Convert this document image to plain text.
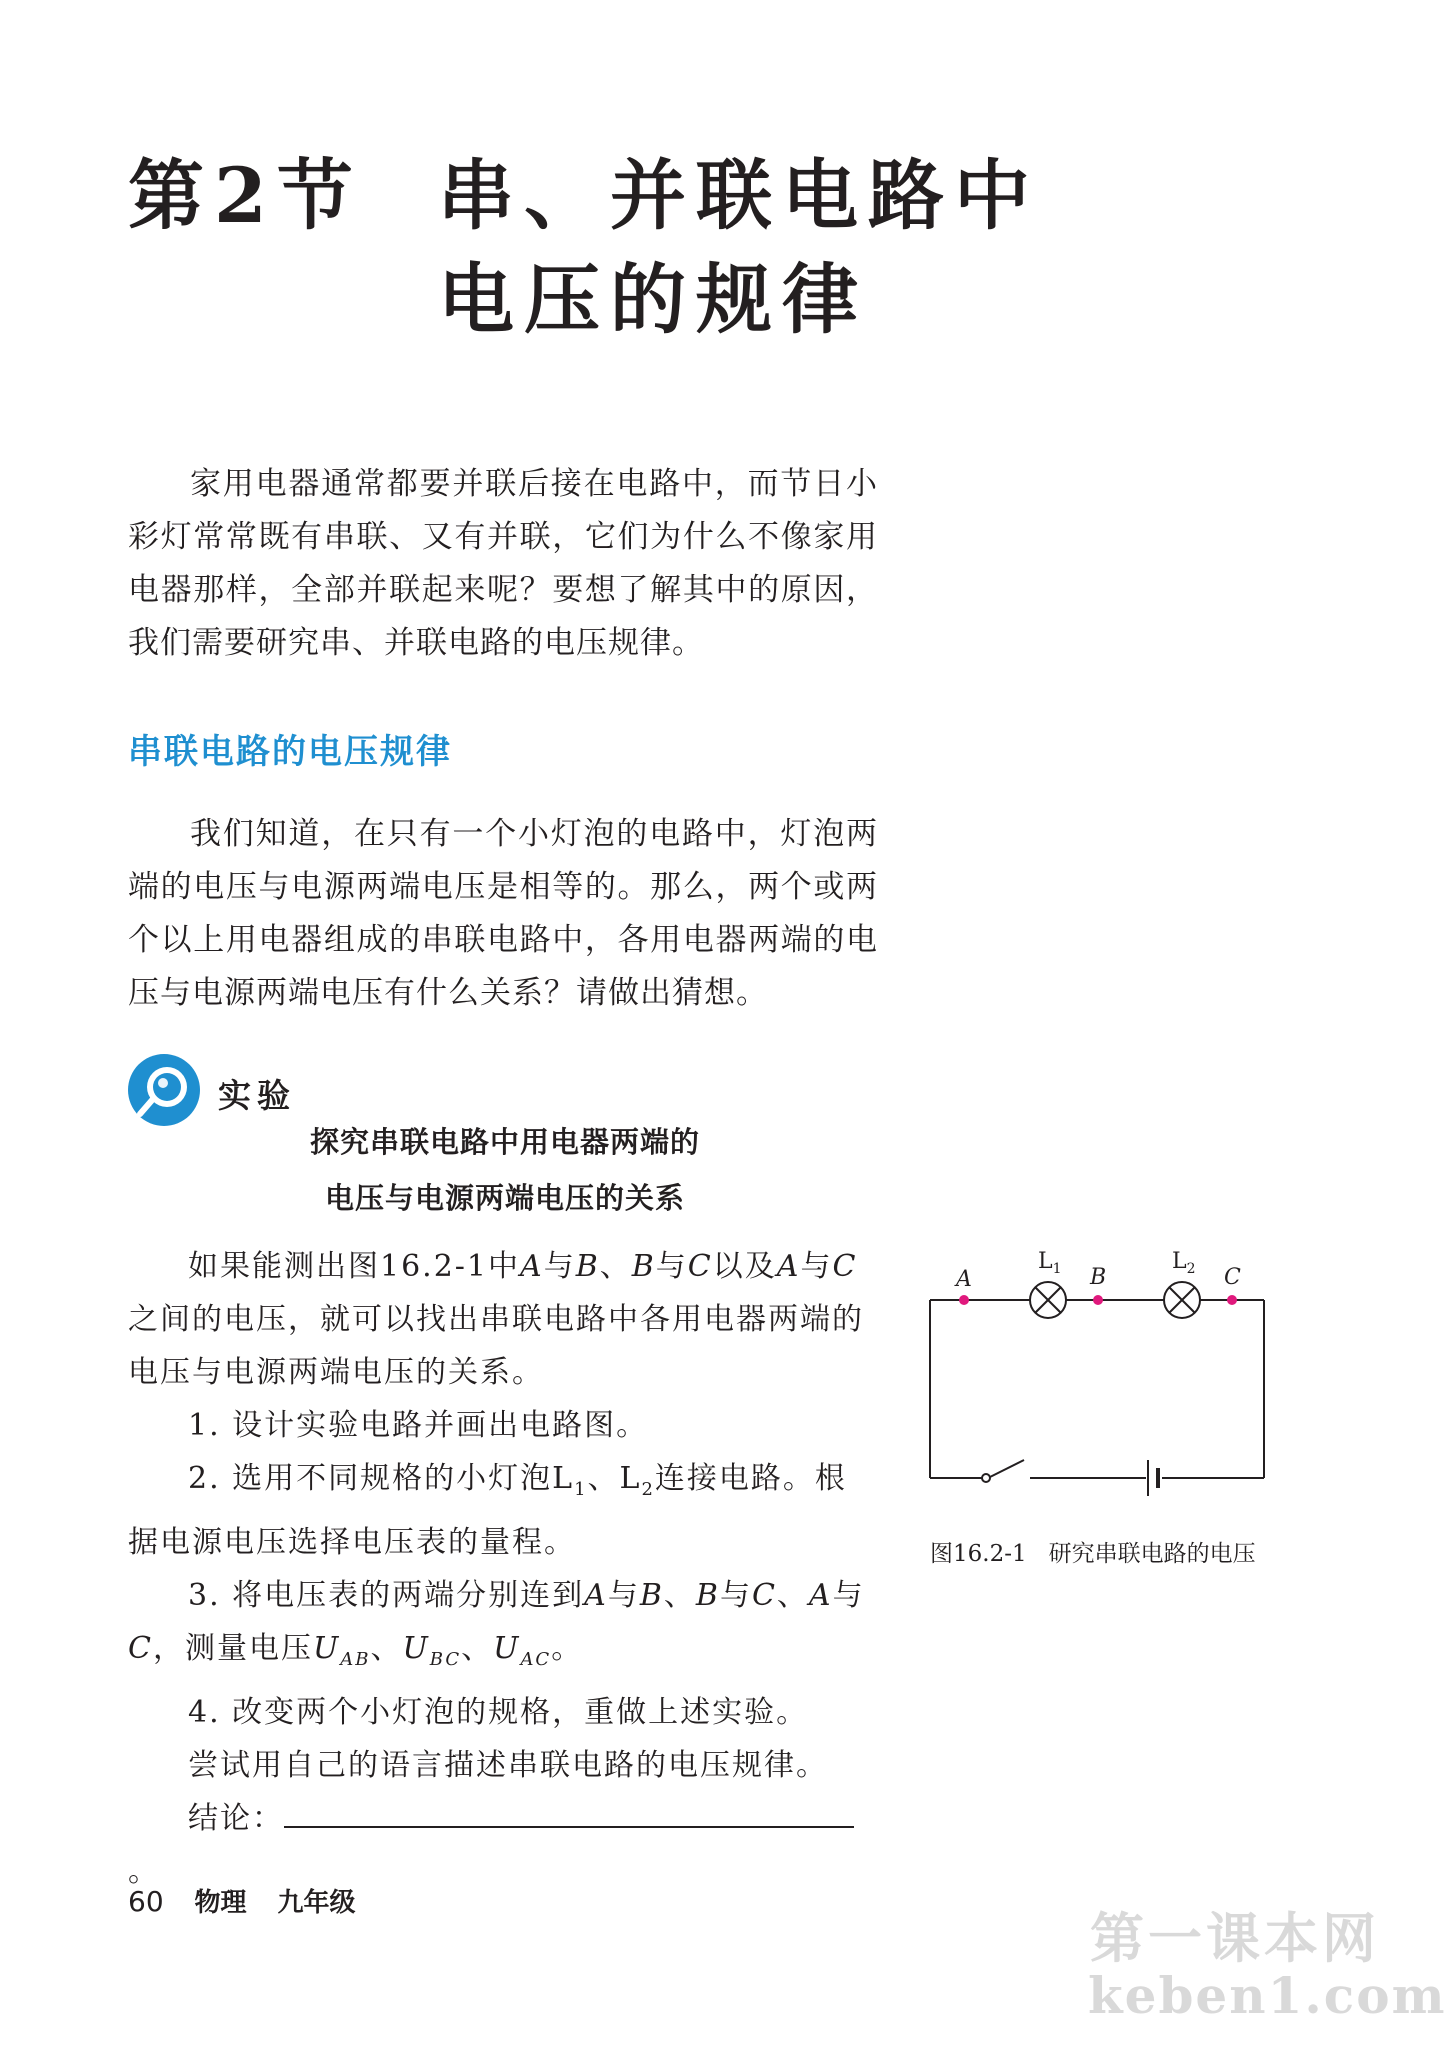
第2节 串、并联电路中
电压的规律

家用电器通常都要并联后接在电路中，而节日小彩灯常常既有串联、又有并联，它们为什么不像家用电器那样，全部并联起来呢？要想了解其中的原因，我们需要研究串、并联电路的电压规律。

串联电路的电压规律

我们知道，在只有一个小灯泡的电路中，灯泡两端的电压与电源两端电压是相等的。那么，两个或两个以上用电器组成的串联电路中，各用电器两端的电压与电源两端电压有什么关系？请做出猜想。

实验
探究串联电路中用电器两端的
电压与电源两端电压的关系

如果能测出图16.2-1中A与B、B与C以及A与C之间的电压，就可以找出串联电路中各用电器两端的电压与电源两端电压的关系。

1. 设计实验电路并画出电路图。

2. 选用不同规格的小灯泡$L_1$、$L_2$连接电路。根据电源电压选择电压表的量程。

3. 将电压表的两端分别连到A与B、B与C、A与C，测量电压$U_{AB}$、$U_{BC}$、$U_{AC}$。

4. 改变两个小灯泡的规格，重做上述实验。

尝试用自己的语言描述串联电路的电压规律。

结论：。

A	B	C
$L_1$	$L_2$
图16.2-1 研究串联电路的电压
60 物理 九年级
第一课本网
keben1.com
